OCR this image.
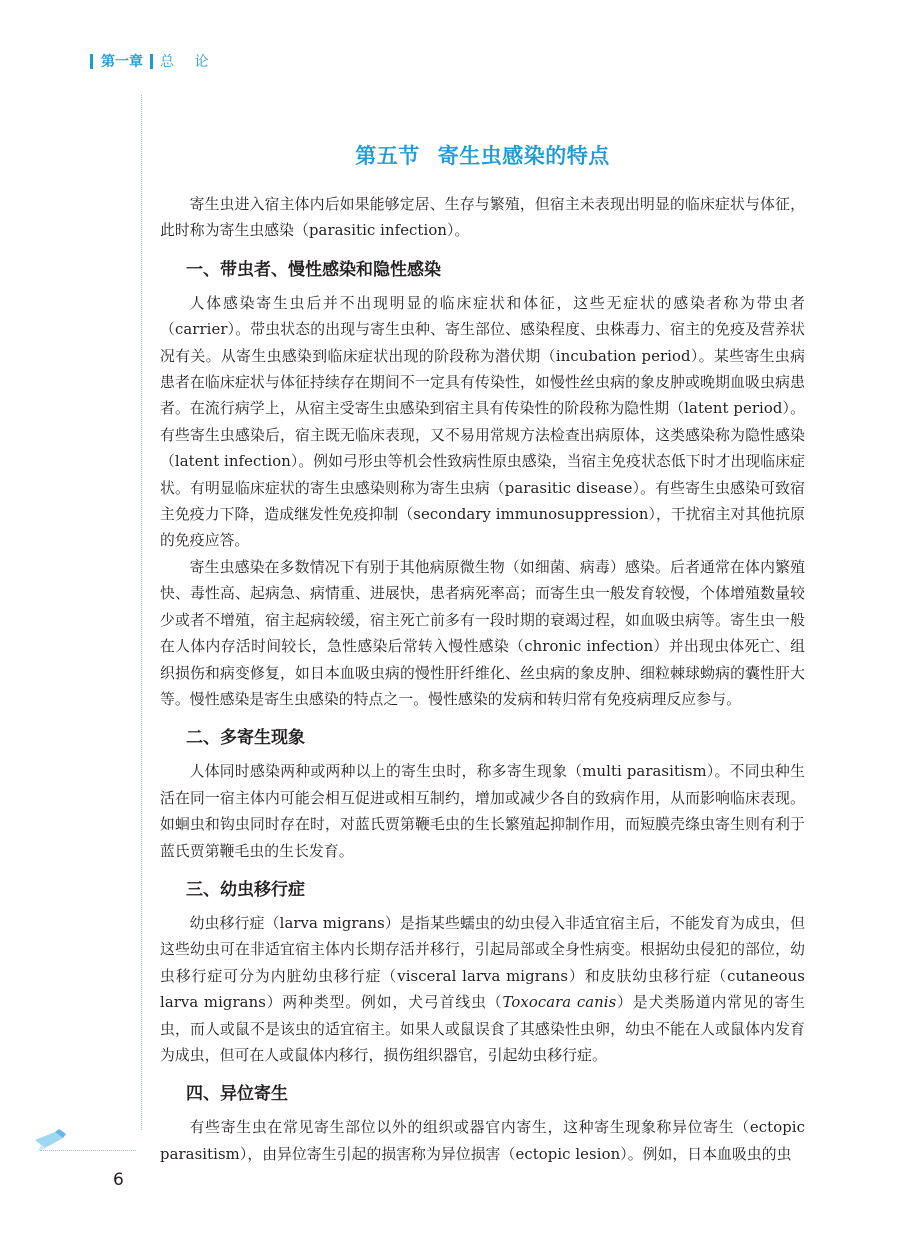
第一章 总 论
6
第五节 寄生虫感染的特点

寄生虫进入宿主体内后如果能够定居、生存与繁殖，但宿主未表现出明显的临床症状与体征，此时称为寄生虫感染（parasitic infection）。

一、带虫者、慢性感染和隐性感染

人体感染寄生虫后并不出现明显的临床症状和体征，这些无症状的感染者称为带虫者（carrier）。带虫状态的出现与寄生虫种、寄生部位、感染程度、虫株毒力、宿主的免疫及营养状况有关。从寄生虫感染到临床症状出现的阶段称为潜伏期（incubation period）。某些寄生虫病患者在临床症状与体征持续存在期间不一定具有传染性，如慢性丝虫病的象皮肿或晚期血吸虫病患者。在流行病学上，从宿主受寄生虫感染到宿主具有传染性的阶段称为隐性期（latent period）。有些寄生虫感染后，宿主既无临床表现，又不易用常规方法检查出病原体，这类感染称为隐性感染（latent infection）。例如弓形虫等机会性致病性原虫感染，当宿主免疫状态低下时才出现临床症状。有明显临床症状的寄生虫感染则称为寄生虫病（parasitic disease）。有些寄生虫感染可致宿主免疫力下降，造成继发性免疫抑制（secondary immunosuppression），干扰宿主对其他抗原的免疫应答。

寄生虫感染在多数情况下有别于其他病原微生物（如细菌、病毒）感染。后者通常在体内繁殖快、毒性高、起病急、病情重、进展快，患者病死率高；而寄生虫一般发育较慢，个体增殖数量较少或者不增殖，宿主起病较缓，宿主死亡前多有一段时期的衰竭过程，如血吸虫病等。寄生虫一般在人体内存活时间较长，急性感染后常转入慢性感染（chronic infection）并出现虫体死亡、组织损伤和病变修复，如日本血吸虫病的慢性肝纤维化、丝虫病的象皮肿、细粒棘球蚴病的囊性肝大等。慢性感染是寄生虫感染的特点之一。慢性感染的发病和转归常有免疫病理反应参与。

二、多寄生现象

人体同时感染两种或两种以上的寄生虫时，称多寄生现象（multi parasitism）。不同虫种生活在同一宿主体内可能会相互促进或相互制约，增加或减少各自的致病作用，从而影响临床表现。如蛔虫和钩虫同时存在时，对蓝氏贾第鞭毛虫的生长繁殖起抑制作用，而短膜壳绦虫寄生则有利于蓝氏贾第鞭毛虫的生长发育。

三、幼虫移行症

幼虫移行症（larva migrans）是指某些蠕虫的幼虫侵入非适宜宿主后，不能发育为成虫，但这些幼虫可在非适宜宿主体内长期存活并移行，引起局部或全身性病变。根据幼虫侵犯的部位，幼虫移行症可分为内脏幼虫移行症（visceral larva migrans）和皮肤幼虫移行症（cutaneous larva migrans）两种类型。例如，犬弓首线虫（Toxocara canis）是犬类肠道内常见的寄生虫，而人或鼠不是该虫的适宜宿主。如果人或鼠误食了其感染性虫卵，幼虫不能在人或鼠体内发育为成虫，但可在人或鼠体内移行，损伤组织器官，引起幼虫移行症。

四、异位寄生

有些寄生虫在常见寄生部位以外的组织或器官内寄生，这种寄生现象称异位寄生（ectopic parasitism），由异位寄生引起的损害称为异位损害（ectopic lesion）。例如，日本血吸虫的虫
